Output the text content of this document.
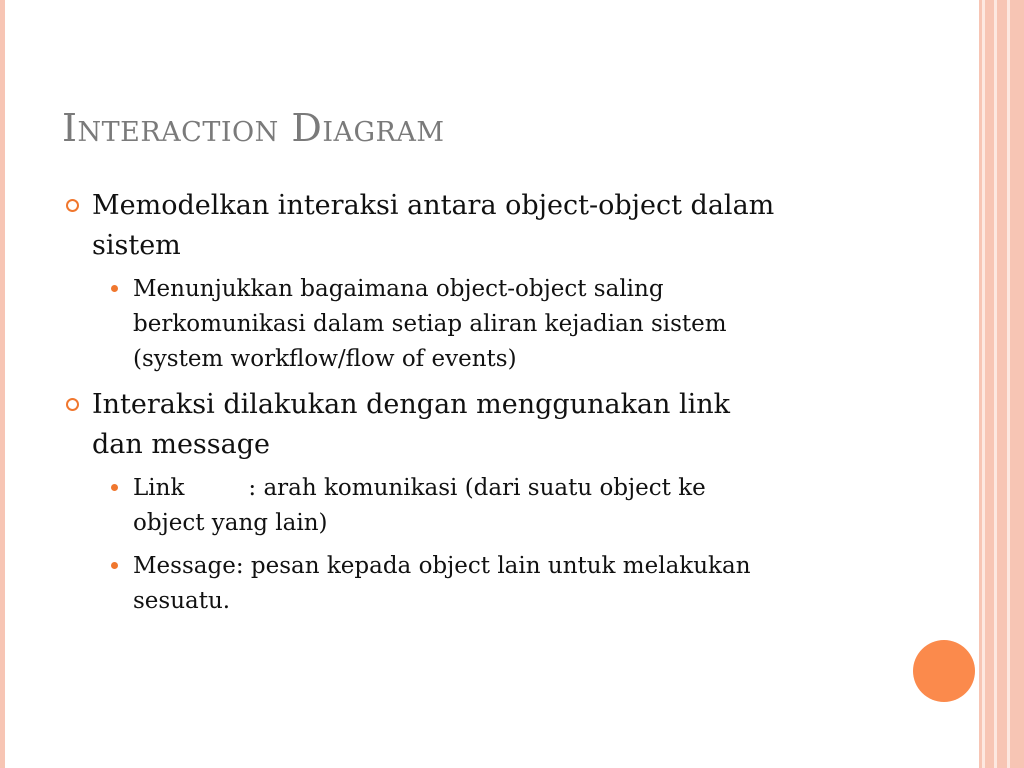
Interaction Diagram
Memodelkan interaksi antara object-object dalam
sistem
Menunjukkan bagaimana object-object saling
berkomunikasi dalam setiap aliran kejadian sistem
(system workflow/flow of events)
Interaksi dilakukan dengan menggunakan link
dan message
Link	: arah komunikasi (dari suatu object ke
object yang lain)
Message: pesan kepada object lain untuk melakukan
sesuatu.
